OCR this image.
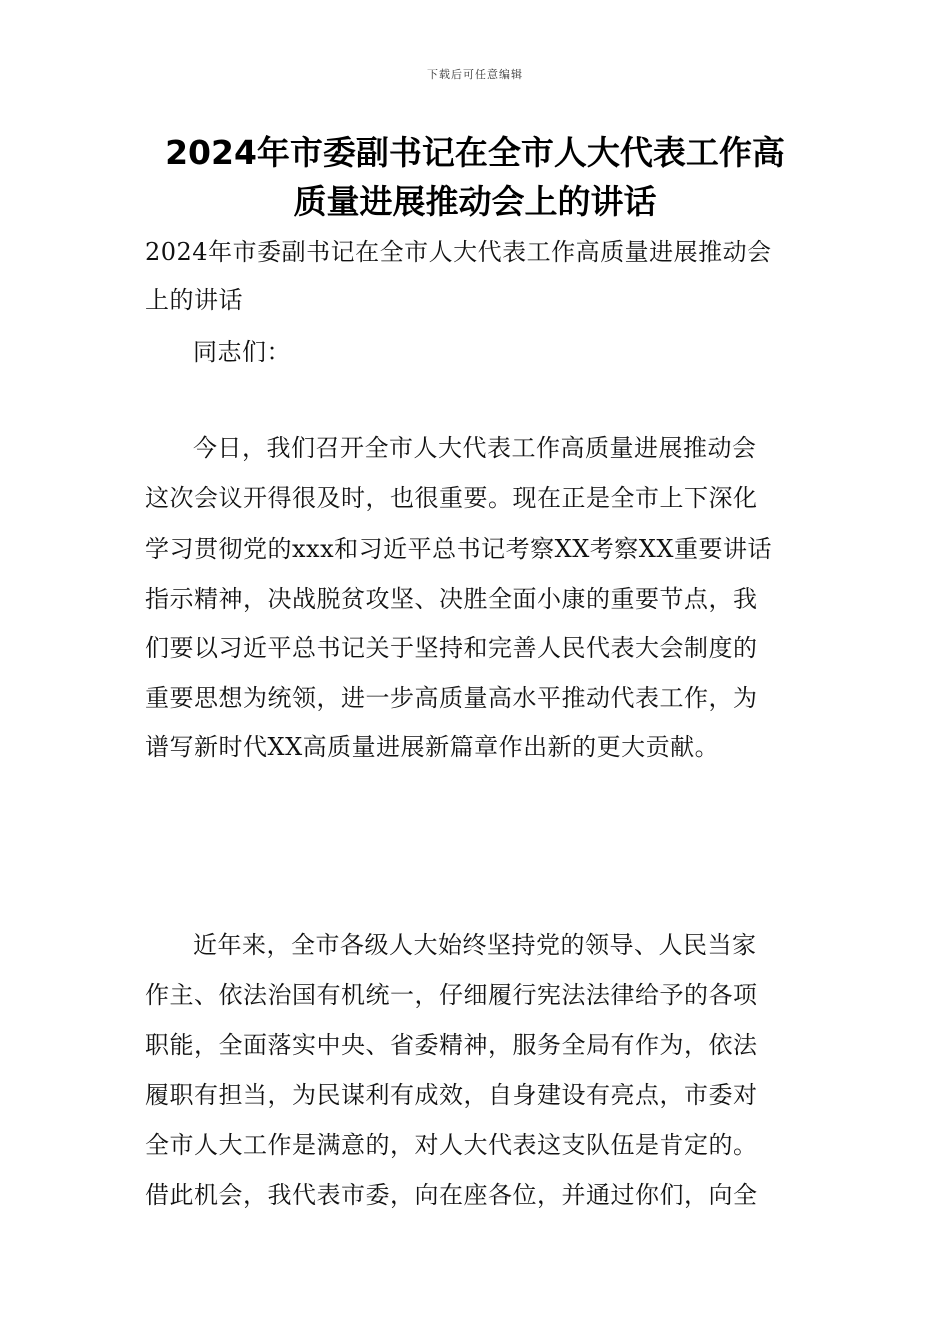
下载后可任意编辑
2024年市委副书记在全市人大代表工作高
质量进展推动会上的讲话
2024年市委副书记在全市人大代表工作高质量进展推动会
上的讲话
同志们：
今日，我们召开全市人大代表工作高质量进展推动会
这次会议开得很及时，也很重要。现在正是全市上下深化
学习贯彻党的xxx和习近平总书记考察XX考察XX重要讲话
指示精神，决战脱贫攻坚、决胜全面小康的重要节点，我
们要以习近平总书记关于坚持和完善人民代表大会制度的
重要思想为统领，进一步高质量高水平推动代表工作，为
谱写新时代XX高质量进展新篇章作出新的更大贡献。
近年来，全市各级人大始终坚持党的领导、人民当家
作主、依法治国有机统一，仔细履行宪法法律给予的各项
职能，全面落实中央、省委精神，服务全局有作为，依法
履职有担当，为民谋利有成效，自身建设有亮点，市委对
全市人大工作是满意的，对人大代表这支队伍是肯定的。
借此机会，我代表市委，向在座各位，并通过你们，向全
